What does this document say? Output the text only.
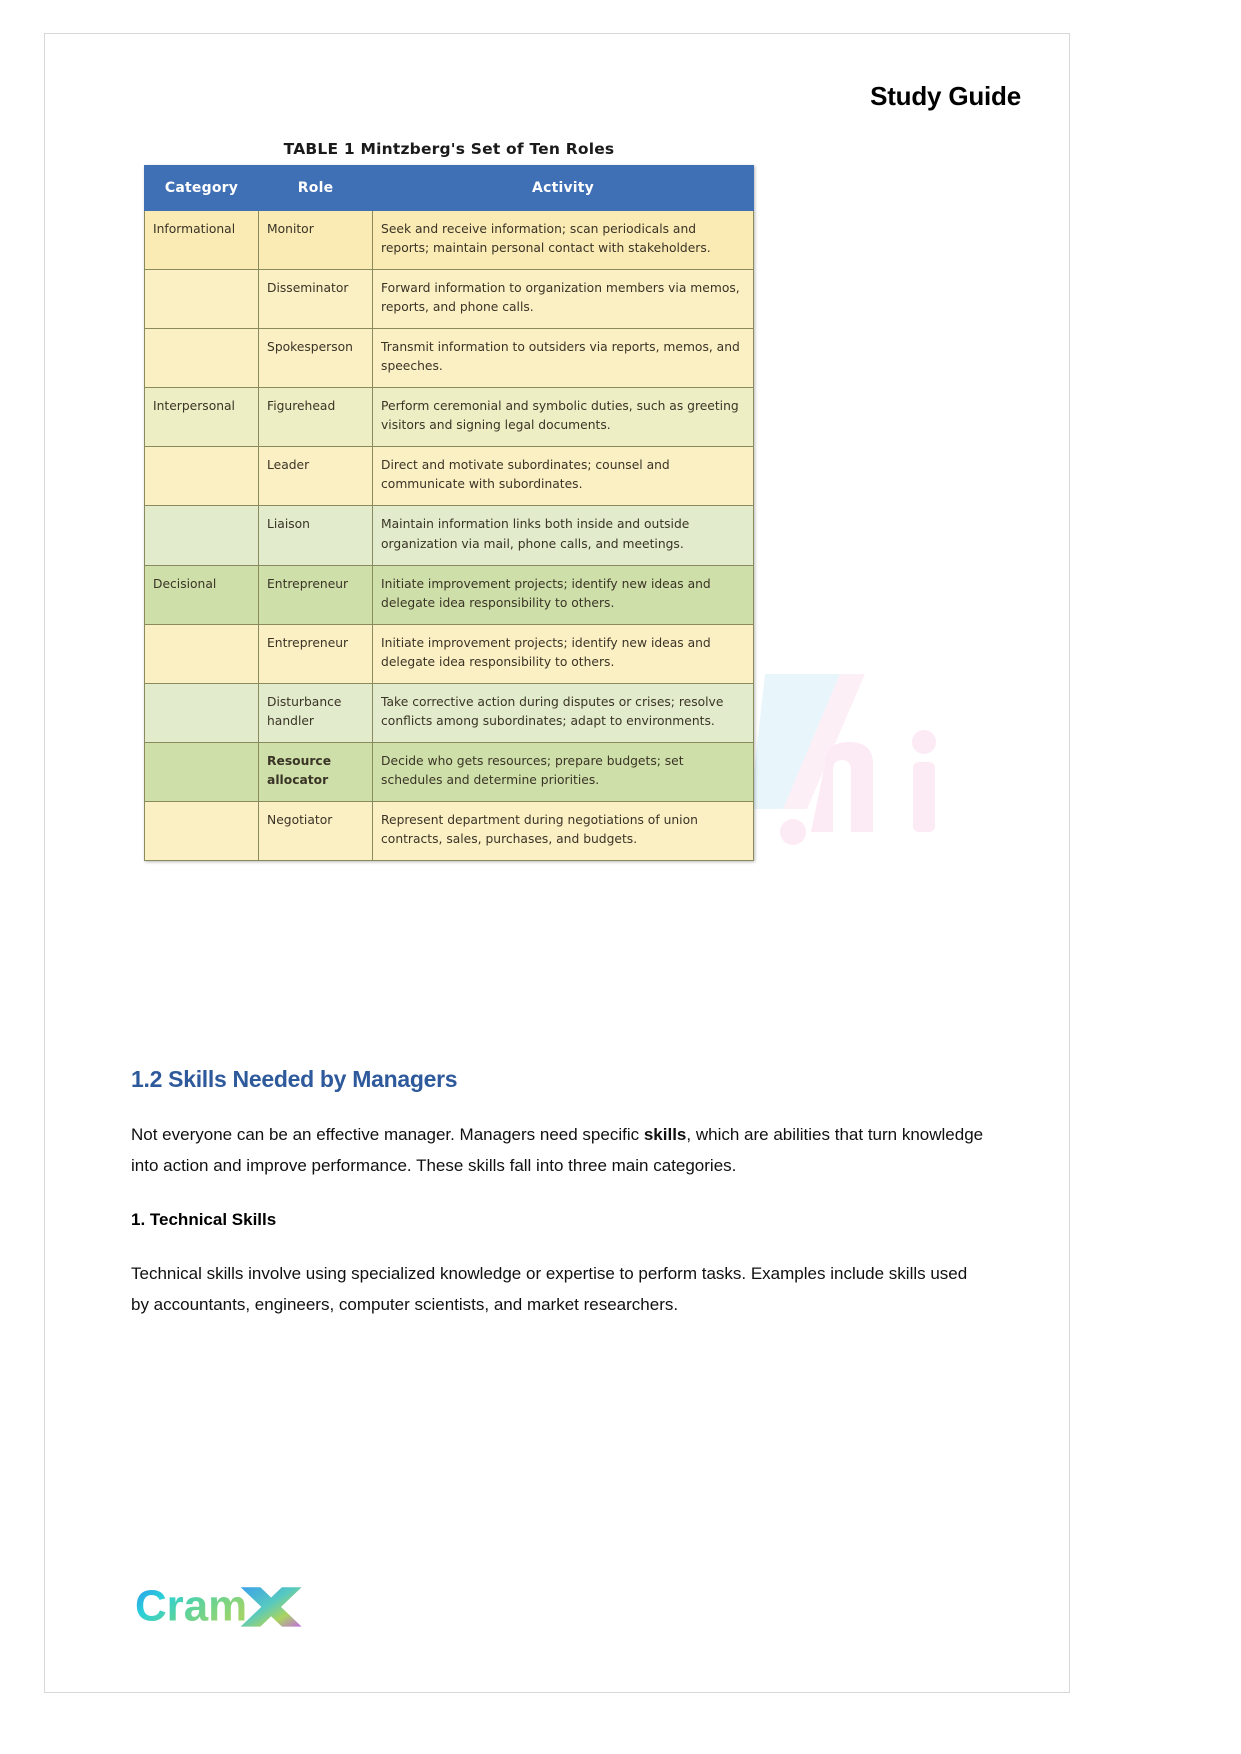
Study Guide
TABLE 1 Mintzberg's Set of Ten Roles
Category	Role	Activity
Informational	Monitor	Seek and receive information; scan periodicals and reports; maintain personal contact with stakeholders.
	Disseminator	Forward information to organization members via memos, reports, and phone calls.
	Spokesperson	Transmit information to outsiders via reports, memos, and speeches.
Interpersonal	Figurehead	Perform ceremonial and symbolic duties, such as greeting visitors and signing legal documents.
	Leader	Direct and motivate subordinates; counsel and communicate with subordinates.
	Liaison	Maintain information links both inside and outside organization via mail, phone calls, and meetings.
Decisional	Entrepreneur	Initiate improvement projects; identify new ideas and delegate idea responsibility to others.
	Entrepreneur	Initiate improvement projects; identify new ideas and delegate idea responsibility to others.
	Disturbance handler	Take corrective action during disputes or crises; resolve conflicts among subordinates; adapt to environments.
	Resource allocator	Decide who gets resources; prepare budgets; set schedules and determine priorities.
	Negotiator	Represent department during negotiations of union contracts, sales, purchases, and budgets.
1.2 Skills Needed by Managers

Not everyone can be an effective manager. Managers need specific skills, which are abilities that turn knowledge into action and improve performance. These skills fall into three main categories.

1. Technical Skills

Technical skills involve using specialized knowledge or expertise to perform tasks. Examples include skills used by accountants, engineers, computer scientists, and market researchers.

Cram
